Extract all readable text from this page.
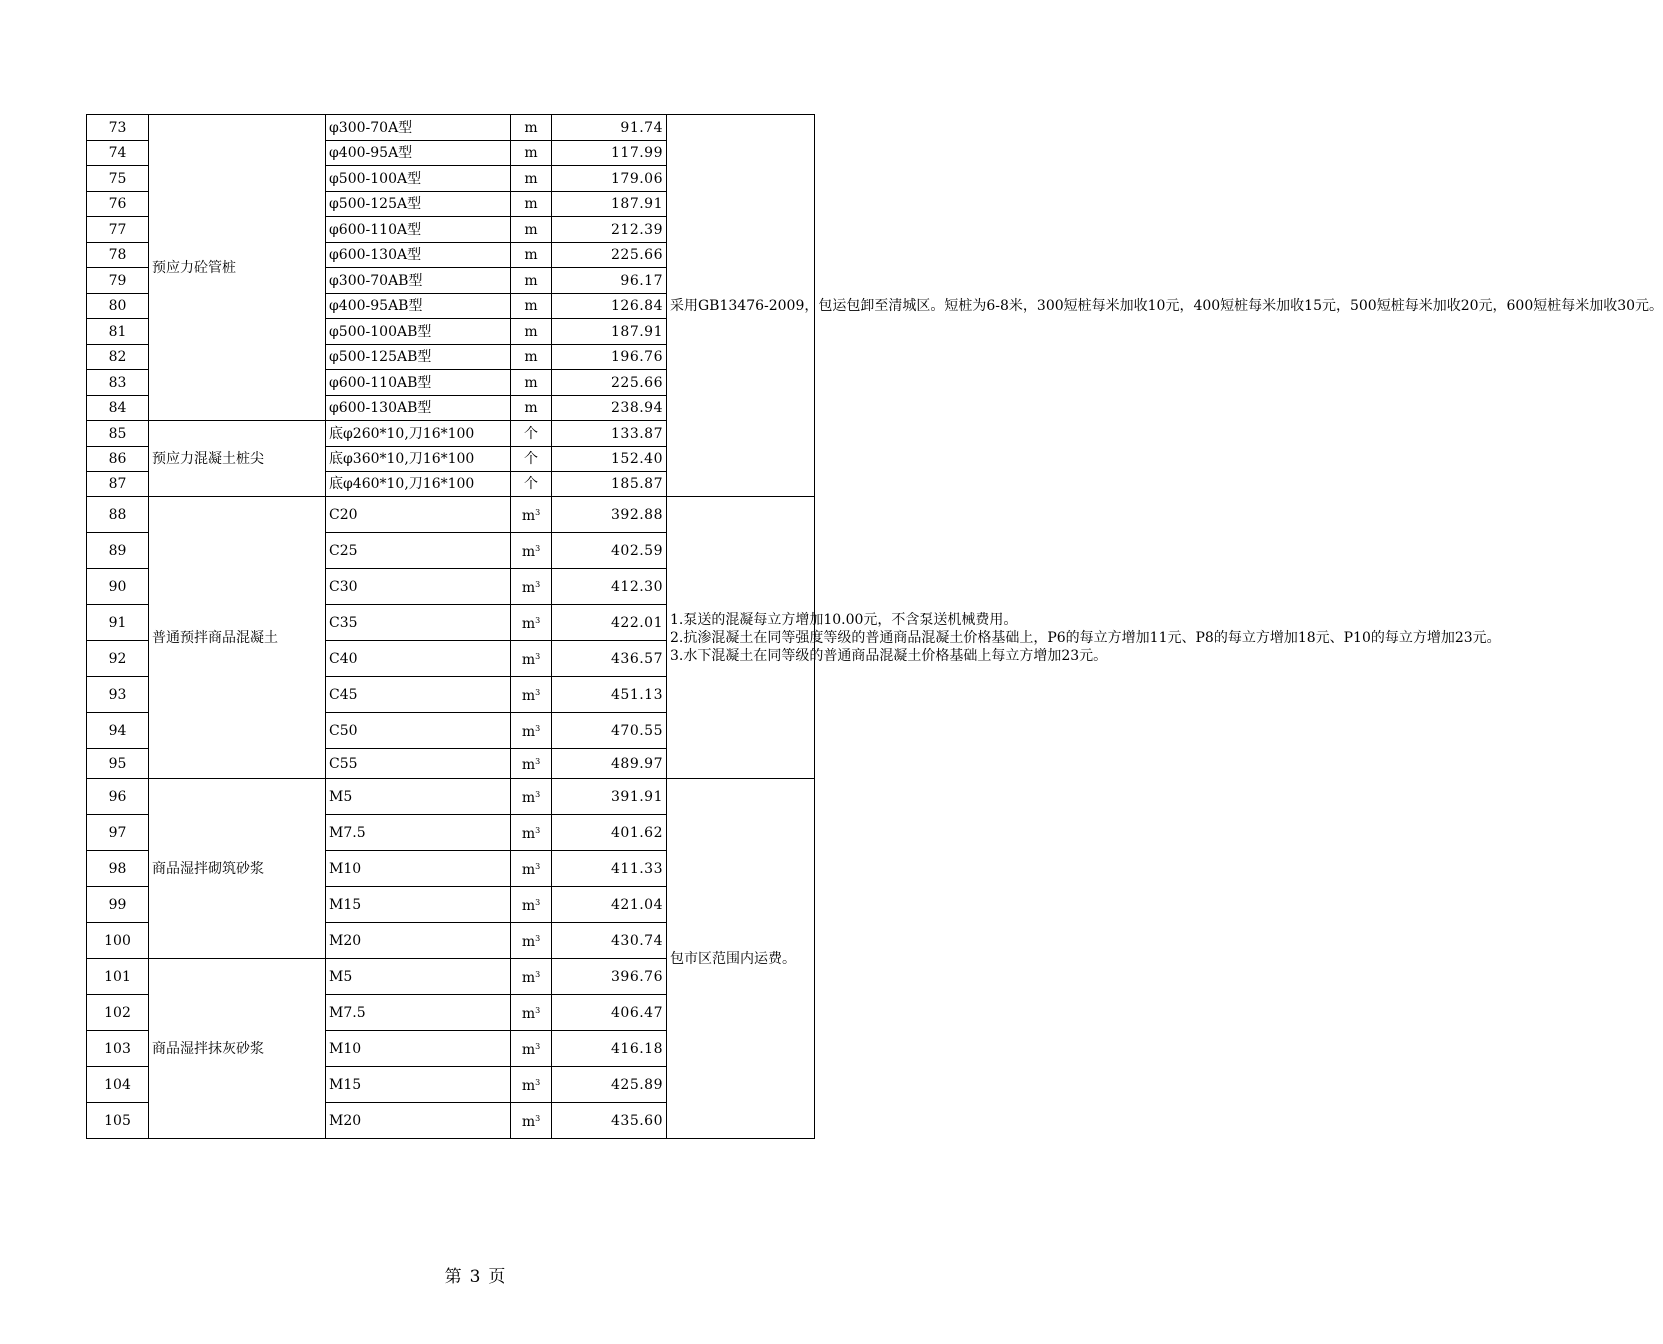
73	预应力砼管桩	φ300-70A型	m	91.74	采用GB13476-2009，包运包卸至清城区。短桩为6-8米，300短桩每米加收10元，400短桩每米加收15元，500短桩每米加收20元，600短桩每米加收30元。
74		φ400-95A型	m	117.99	
75		φ500-100A型	m	179.06	
76		φ500-125A型	m	187.91	
77		φ600-110A型	m	212.39	
78		φ600-130A型	m	225.66	
79		φ300-70AB型	m	96.17	
80		φ400-95AB型	m	126.84	
81		φ500-100AB型	m	187.91	
82		φ500-125AB型	m	196.76	
83		φ600-110AB型	m	225.66	
84		φ600-130AB型	m	238.94	
85	预应力混凝土桩尖	底φ260*10,刀16*100	个	133.87	
86		底φ360*10,刀16*100	个	152.40	
87		底φ460*10,刀16*100	个	185.87	
88	普通预拌商品混凝土	C20	$m^3$	392.88	1.泵送的混凝每立方增加10.00元，不含泵送机械费用。
2.抗渗混凝土在同等强度等级的普通商品混凝土价格基础上，P6的每立方增加11元、P8的每立方增加18元、P10的每立方增加23元。
3.水下混凝土在同等级的普通商品混凝土价格基础上每立方增加23元。
89		C25	$m^3$	402.59	
90		C30	$m^3$	412.30	
91		C35	$m^3$	422.01	
92		C40	$m^3$	436.57	
93		C45	$m^3$	451.13	
94		C50	$m^3$	470.55	
95		C55	$m^3$	489.97	
96	商品湿拌砌筑砂浆	M5	$m^3$	391.91	包市区范围内运费。
97		M7.5	$m^3$	401.62	
98		M10	$m^3$	411.33	
99		M15	$m^3$	421.04	
100		M20	$m^3$	430.74	
101	商品湿拌抹灰砂浆	M5	$m^3$	396.76	
102		M7.5	$m^3$	406.47	
103		M10	$m^3$	416.18	
104		M15	$m^3$	425.89	
105		M20	$m^3$	435.60	
第 3 页
